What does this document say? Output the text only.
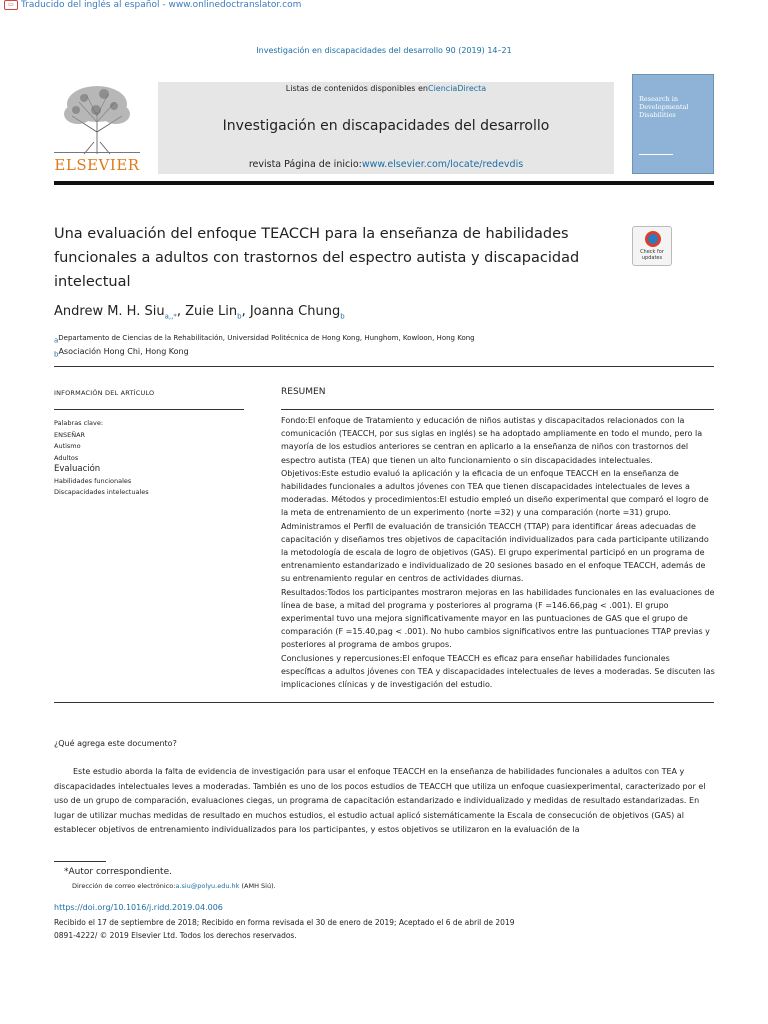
▭ Traducido del inglés al español - www.onlinedoctranslator.com
Investigación en discapacidades del desarrollo 90 (2019) 14–21
ELSEVIER
Listas de contenidos disponibles enCienciaDirecta
Investigación en discapacidades del desarrollo
revista Página de inicio:www.elsevier.com/locate/redevdis
Research in Developmental Disabilities
Una evaluación del enfoque TEACCH para la enseñanza de habilidades funcionales a adultos con trastornos del espectro autista y discapacidad intelectual
Check for updates
Andrew M. H. Siu$^{a,,*}$, Zuie Lin$^b$, Joanna Chung$^b$
$^a$Departamento de Ciencias de la Rehabilitación, Universidad Politécnica de Hong Kong, Hunghom, Kowloon, Hong Kong
$^b$Asociación Hong Chi, Hong Kong
INFORMACIÓN DEL ARTÍCULO
Palabras clave:
ENSEÑAR
Autismo
Adultos
Evaluación
Habilidades funcionales
Discapacidades intelectuales
RESUMEN

Fondo:El enfoque de Tratamiento y educación de niños autistas y discapacitados relacionados con la comunicación (TEACCH, por sus siglas en inglés) se ha adoptado ampliamente en todo el mundo, pero la mayoría de los estudios anteriores se centran en aplicarlo a la enseñanza de niños con trastornos del espectro autista (TEA) que tienen un alto funcionamiento o sin discapacidades intelectuales.

Objetivos:Este estudio evaluó la aplicación y la eficacia de un enfoque TEACCH en la enseñanza de habilidades funcionales a adultos jóvenes con TEA que tienen discapacidades intelectuales de leves a moderadas. Métodos y procedimientos:El estudio empleó un diseño experimental que comparó el logro de la meta de entrenamiento de un experimento (norte =32) y una comparación (norte =31) grupo. Administramos el Perfil de evaluación de transición TEACCH (TTAP) para identificar áreas adecuadas de capacitación y diseñamos tres objetivos de capacitación individualizados para cada participante utilizando la metodología de escala de logro de objetivos (GAS). El grupo experimental participó en un programa de entrenamiento estandarizado e individualizado de 20 sesiones basado en el enfoque TEACCH, además de su entrenamiento regular en centros de actividades diurnas.

Resultados:Todos los participantes mostraron mejoras en las habilidades funcionales en las evaluaciones de línea de base, a mitad del programa y posteriores al programa (F =146.66,pag < .001). El grupo experimental tuvo una mejora significativamente mayor en las puntuaciones de GAS que el grupo de comparación (F =15.40,pag < .001). No hubo cambios significativos entre las puntuaciones TTAP previas y posteriores al programa de ambos grupos.

Conclusiones y repercusiones:El enfoque TEACCH es eficaz para enseñar habilidades funcionales específicas a adultos jóvenes con TEA y discapacidades intelectuales de leves a moderadas. Se discuten las implicaciones clínicas y de investigación del estudio.

¿Qué agrega este documento?
Este estudio aborda la falta de evidencia de investigación para usar el enfoque TEACCH en la enseñanza de habilidades funcionales a adultos con TEA y discapacidades intelectuales leves a moderadas. También es uno de los pocos estudios de TEACCH que utiliza un enfoque cuasiexperimental, caracterizado por el uso de un grupo de comparación, evaluaciones ciegas, un programa de capacitación estandarizado e individualizado y medidas de resultado estandarizadas. En lugar de utilizar muchas medidas de resultado en muchos estudios, el estudio actual aplicó sistemáticamente la Escala de consecución de objetivos (GAS) al establecer objetivos de entrenamiento individualizados para los participantes, y estos objetivos se utilizaron en la evaluación de la
*Autor correspondiente.
Dirección de correo electrónico:a.siu@polyu.edu.hk (AMH Siú).
https://doi.org/10.1016/j.ridd.2019.04.006
Recibido el 17 de septiembre de 2018; Recibido en forma revisada el 30 de enero de 2019; Aceptado el 6 de abril de 2019
0891-4222/ © 2019 Elsevier Ltd. Todos los derechos reservados.
